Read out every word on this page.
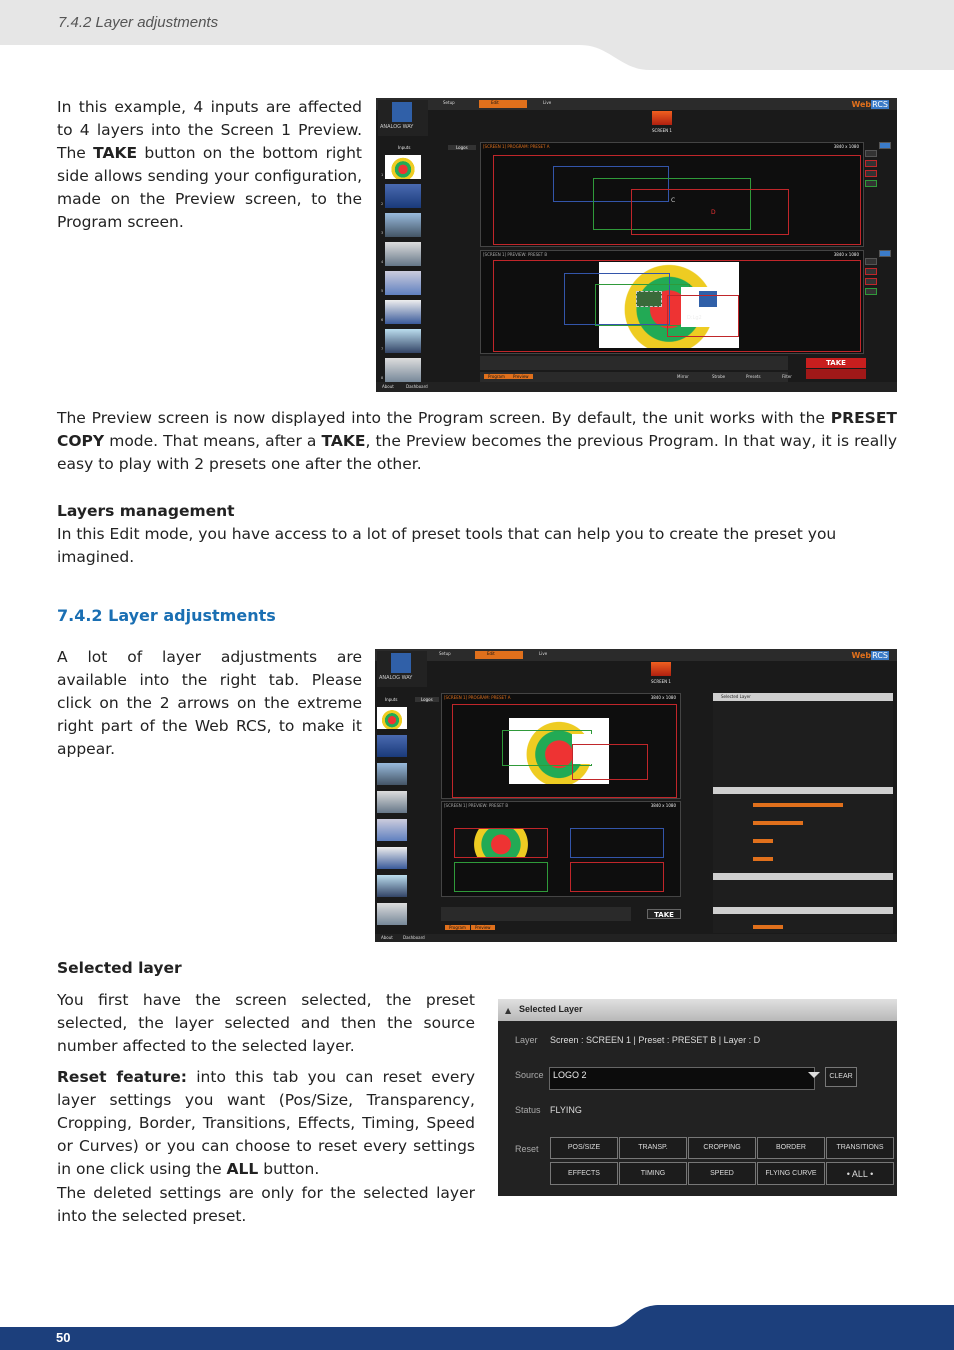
7.4.2 Layer adjustments
In this example, 4 inputs are affected to 4 layers into the Screen 1 Preview. The TAKE button on the bottom right side allows sending your configuration, made on the Preview screen, to the Program screen.
Setup	Edit	Live	WebRCS
ANALOG WAY
SCREEN 1
Inputs	Logos
1
2
3
4
5
6
7
8
[SCREEN 1] PROGRAM: PRESET A	3840 x 1080
C
D
[SCREEN 1] PREVIEW: PRESET B	3840 x 1080
D:Lg2
Program	Preview	Mirror	Strobe	Presets	Filter
TAKE
About	Dashboard
The Preview screen is now displayed into the Program screen. By default, the unit works with the PRESET COPY mode. That means, after a TAKE, the Preview becomes the previous Program. In that way, it is really easy to play with 2 presets one after the other.
Layers management
In this Edit mode, you have access to a lot of preset tools that can help you to create the preset you imagined.
7.4.2 Layer adjustments
A lot of layer adjustments are available into the right tab. Please click on the 2 arrows on the extreme right part of the Web RCS, to make it appear.
Setup	Edit	Live	WebRCS
ANALOG WAY
SCREEN 1
Inputs	Logos	[SCREEN 1] PROGRAM: PRESET A	3840 x 1080
[SCREEN 1] PREVIEW: PRESET B	3840 x 1080
TAKE
Program	Preview
About	Dashboard
Selected Layer
Selected layer
You first have the screen selected, the preset selected, the layer selected and then the source number affected to the selected layer.
Reset feature: into this tab you can reset every layer settings you want (Pos/Size, Transparency, Cropping, Border, Transitions, Effects, Timing, Speed or Curves) or you can choose to reset every settings in one click using the ALL button.
The deleted settings are only for the selected layer into the selected preset.
▲ Selected Layer
Layer Screen : SCREEN 1 | Preset : PRESET B | Layer : D
Source	LOGO 2	CLEAR
Status FLYING
Reset	POS/SIZE	TRANSP.	CROPPING	BORDER	TRANSITIONS
EFFECTS	TIMING	SPEED	FLYING CURVE	• ALL •
50
